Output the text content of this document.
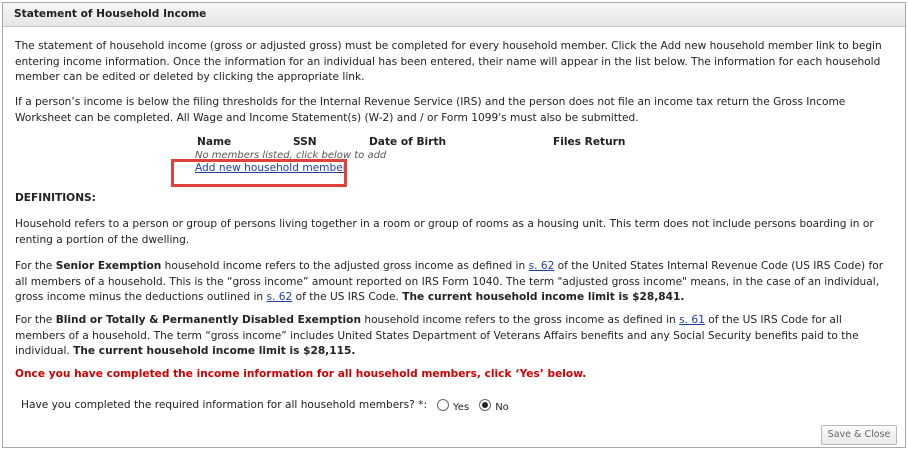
Statement of Household Income

The statement of household income (gross or adjusted gross) must be completed for every household member. Click the Add new household member link to begin entering income information. Once the information for an individual has been entered, their name will appear in the list below. The information for each household member can be edited or deleted by clicking the appropriate link.

If a person’s income is below the filing thresholds for the Internal Revenue Service (IRS) and the person does not file an income tax return the Gross Income Worksheet can be completed. All Wage and Income Statement(s) (W-2) and / or Form 1099's must also be submitted.

Name	SSN	Date of Birth	Files Return
No members listed, click below to add
Add new household member
DEFINITIONS:

Household refers to a person or group of persons living together in a room or group of rooms as a housing unit. This term does not include persons boarding in or renting a portion of the dwelling.

For the Senior Exemption household income refers to the adjusted gross income as defined in s. 62 of the United States Internal Revenue Code (US IRS Code) for all members of a household. This is the “gross income” amount reported on IRS Form 1040. The term "adjusted gross income" means, in the case of an individual, gross income minus the deductions outlined in s. 62 of the US IRS Code. The current household income limit is $28,841.

For the Blind or Totally & Permanently Disabled Exemption household income refers to the gross income as defined in s. 61 of the US IRS Code for all members of a household. The term “gross income” includes United States Department of Veterans Affairs benefits and any Social Security benefits paid to the individual. The current household income limit is $28,115.

Once you have completed the income information for all household members, click ‘Yes’ below.

Have you completed the required information for all household members? *:	Yes	No
Save & Close
